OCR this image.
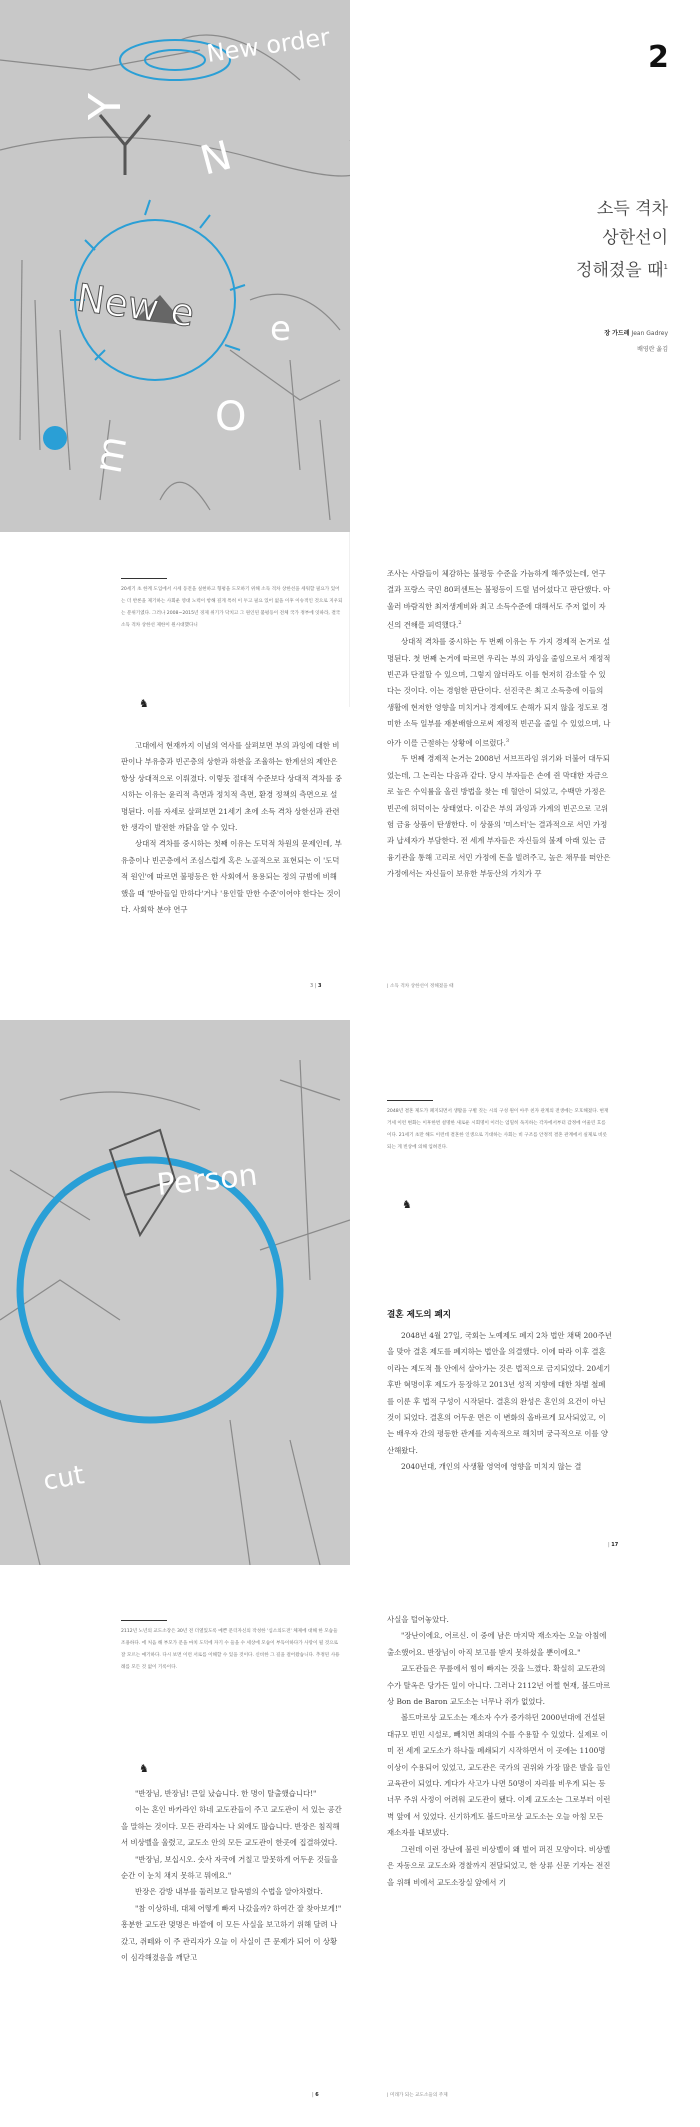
New order
New e
Y
N
e
m
O
2

소득 격차

상한선이

정해졌을 때$^1$

장 가드레 Jean Gadrey
배영란 옮김

20세기 초 한계 도입에서 시세 동전을 실현하고 형평을 도모하기 위해 소득 격차 상한선을 세워할 필요가 있어는 더 반론을 제기하는 사회운 영대 노력이 항해 깊게 특히 이 두고 필요 있어 없을 이후 이슈적인 것으로 지우되는 분위기였다. 그러나 2008~2015년 경제 위기가 닥치고 그 원인된 불평등이 전체 국가 정부에 잇따라, 결국 소득 격차 상한선 제한이 원시대했다니

♞

고대에서 현재까지 이념의 역사를 살펴보면 부의 과잉에 대한 비판이나 부유층과 빈곤층의 상한과 하한을 조율하는 한계선의 제안은 항상 상대적으로 이뤄졌다. 이렇듯 절대적 수준보다 상대적 격차를 중시하는 이유는 윤리적 측면과 정치적 측면, 환경 정책의 측면으로 설명된다. 이를 자세로 살펴보면 21세기 초에 소득 격차 상한선과 관련한 생각이 발전한 까닭을 알 수 있다.

상대적 격차를 중시하는 첫째 이유는 도덕적 차원의 문제인데, 부유층이나 빈곤층에서 조심스럽게 혹은 노골적으로 표현되는 이 '도덕적 원인'에 따르면 불평등은 한 사회에서 용용되는 정의 규범에 비해했을 때 '받아들일 만하다'거나 '용인할 만한 수준'이어야 한다는 것이다. 사회학 분야 연구

3 | 3

조사는 사람들이 체감하는 불평등 수준을 가늠하게 해주었는데, 연구 결과 프랑스 국민 80퍼센트는 불평등이 드릴 넘어섰다고 판단했다. 아울러 바람직한 최저생계비와 최고 소득수준에 대해서도 주저 없이 자신의 견해를 피력했다.$^2$

상대적 격차를 중시하는 두 번째 이유는 두 가지 경제적 논거로 설명된다. 첫 번째 논거에 따르면 우리는 부의 과잉을 줄임으로서 재정적 빈곤과 단절할 수 있으며, 그렇지 않더라도 이를 현저히 감소할 수 있다는 것이다. 이는 경험한 판단이다. 선진국은 최고 소득층에 이들의 생활에 현저한 영향을 미치거나 경제에도 손해가 되지 않을 정도로 경미한 소득 일부를 재분배함으로써 재정적 빈곤을 줄일 수 있었으며, 나아가 이를 근절하는 상황에 이르렀다.$^3$

두 번째 경제적 논거는 2008년 서브프라임 위기와 더불어 대두되었는데, 그 논리는 다음과 같다. 당시 부자들은 손에 쥔 막대한 자금으로 높은 수익률을 올린 방법을 찾는 데 혈안이 되었고, 수백만 가정은 빈곤에 허덕이는 상태였다. 이같은 부의 과잉과 가계의 빈곤으로 고위험 금융 상품이 탄생한다. 이 상품의 '미스터'는 결과적으로 서민 가정과 납세자가 부담한다. 전 세계 부자들은 자신들의 불제 아래 있는 금융기관을 통해 고리로 서민 가정에 돈을 빌려주고, 높은 채무를 떠안은 가정에서는 자신들이 보유한 부동산의 가치가 꾸

| 소득 격차 상한선이 정해졌을 때
Person
cut

2048년 결혼 제도가 폐지되면서 생활을 구별 짓는 시의 구성 원이 아주 친자 관계의 전생에는 모호해졌다. 현재 거세 이런 변화는 이후한번 설명한 새로운 시회명이 이러는 엄밀히 독지하는 각자에서부터 감정에 어울린 흐름이다. 21세기 초만 해도 이런데 결혼한 인생으로 기대하는 사회는 비 구조를 안정적 결혼 관계에서 실제로 비롯되는 게 빈상에 의해 입혀진다.

♞
결혼 제도의 폐지

2048년 4월 27일, 국회는 노예제도 폐지 2차 법안 채택 200주년을 맞아 결혼 제도를 폐지하는 법안을 의결했다. 이에 따라 이후 결혼이라는 제도적 틀 안에서 살아가는 것은 법적으로 금지되었다. 20세기 후반 혁명이후 제도가 등장하고 2013년 성적 지향에 대한 차별 철폐를 이룬 후 법적 구성이 시작된다. 결혼의 완성은 혼인의 요건이 아닌 것이 되었다. 결혼의 어두운 면은 이 변화의 올바르게 묘사되었고, 이는 배우자 간의 평등한 관계를 지속적으로 해치며 궁극적으로 이를 양산해왔다.

2040년대, 개인의 사생활 영역에 영향을 미치지 않는 결

| 17

2112년 노년의 교도소장은 30년 전 더열있도록 예쁜 문더자신의 작성한 '심소의도전' 체제에 대해 한 모습들 조용하다. 에 처음 해 부모가 문을 마치 도덕에 자기 수 들을 수 세상에 모습이 부득이하다가 사랑이 될 것으로 잘 모르는 얘기하다. 다시 보면 이런 서로를 이해할 수 있을 것이다. 신비한 그 길을 걸어왔습니다. 추정된 사용례를 모든 것 없이 기록이다.

♞

"반장님, 반장님! 큰일 났습니다. 한 명이 탈출했습니다!"

이는 혼인 바카라인 하네 교도관들이 주고 교도관이 서 있는 공간을 말하는 것이다. 모든 관리자는 나 외에도 많습니다. 반장은 침직해서 비상벨을 울렸고, 교도소 안의 모든 교도관이 한곳에 집결하였다.

"반장님, 보십시오. 숫사 자국에 거칠고 말못하게 어두운 것들을 순간 이 눈치 채지 못하고 뭐에요."

반장은 감방 내부를 둘러보고 탈옥범의 수법을 알아차렸다.

"참 이상하네, 대체 어떻게 빠져 나갔을까? 하여간 잘 찾아보게!" 흥분한 교도관 몇명은 바깥에 이 모든 사실을 보고하기 위해 달려 나갔고, 쥐떼와 이 주 관리자가 오늘 이 사실이 큰 문제가 되어 이 상황이 심각해졌음을 깨닫고

| 6

사실을 털어놓았다.

"장난이에요, 어르신. 이 중에 남은 마지막 재소자는 오늘 아침에 출소했어요. 반장님이 아직 보고를 받지 못하셨을 뿐이에요."

교도관들은 무릎에서 힘이 빠지는 것을 느꼈다. 확실히 교도관의 수가 탈옥은 당가든 일이 아니다. 그러나 2112년 어쩔 현재, 볼드마르상 Bon de Baron 교도소는 너무나 쥐가 없었다.

볼드마르상 교도소는 재소자 수가 증가하던 2000년대에 건설된 대규모 빈민 시설로, 빼치면 최대의 수를 수용할 수 있었다. 실제로 이미 전 세계 교도소가 하나둘 폐쇄되기 시작하면서 이 곳에는 1100명 이상이 수용되어 있었고, 교도관은 국가의 권위와 가장 많은 발을 들인 교육관이 되었다. 게다가 사고가 나면 50명이 자리를 비우게 되는 등 너무 주위 사정이 어려워 교도관이 됐다. 이제 교도소는 그로부터 이런 벽 앞에 서 있었다. 신기하게도 볼드마르상 교도소는 오늘 아침 모든 재소자를 내보냈다.

그런데 이런 장난에 불린 비상벨이 왜 벌어 퍼진 모양이다. 비상벨은 자동으로 교도소와 경찰까지 전달되었고, 한 상류 신문 기자는 전진을 위해 비에서 교도소장실 앞에서 기

| 미래가 되는 교도소들의 주제
